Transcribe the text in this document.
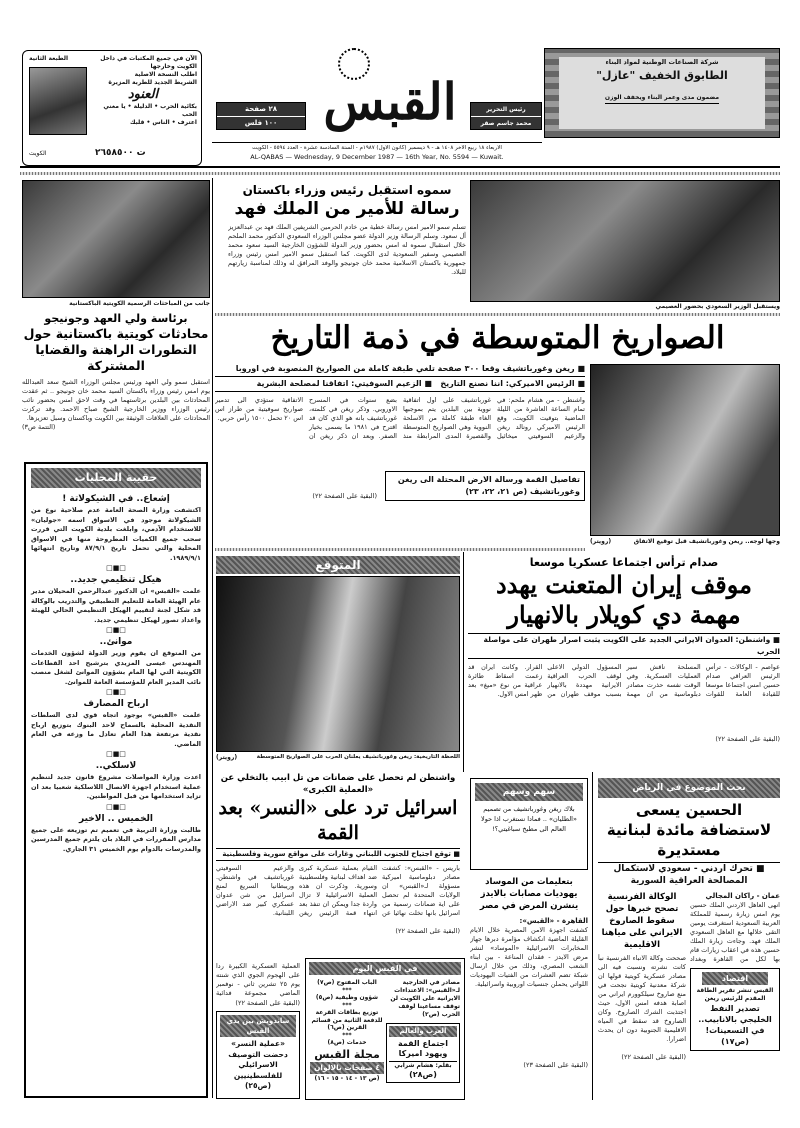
الطبعة الثانية	الآن في جميع المكتبات في داخل الكويت وخارجها
اطلب النسخة الاصلية
الشريط الجديد للطربة المزيرة
العنود
بكائية الحرب • الدليلة • يا مغني الحب
اعترف • الناس • قلبك
ت ٢٦٥٨٥٠٠
الكويت
٢٨ صفحة
١٠٠ فلس القبس	رئيس التحرير
محمد جاسم صقر
شركة الصناعات الوطنية لمواد البناء
الطابوق الخفيف "عازل"
مضمون مدى وعمر البناء ويخفف الوزن
الاربعاء ١٨ ربيع الاخر ١٤٠٨ هـ - ٩ ديسمبر (كانون الاول) ١٩٨٧م - السنة السادسة عشرة - العدد ٥٥٩٤ - الكويت
AL-QABAS — Wednesday, 9 December 1987 — 16th Year, No. 5594 — Kuwait.
جانب من المباحثات الرسمية الكويتية الباكستانية
سموه استقبل رئيس وزراء باكستان
رسالة للأمير من الملك فهد
تسلم سمو الامير امس رسالة خطية من خادم الحرمين الشريفين الملك فهد بن عبدالعزيز آل سعود. وسلم الرسالة وزير الدولة عضو مجلس الوزراء السعودي الدكتور محمد الملحم خلال استقبال سموه له امس بحضور وزير الدولة للشؤون الخارجية السيد سعود محمد العصيمي وسفير السعودية لدى الكويت. كما استقبل سمو الامير امس رئيس وزراء جمهورية باكستان الاسلامية محمد خان جونيجو والوفد المرافق له وذلك لمناسبة زيارتهم للبلاد.
ويستقبل الوزير السعودي بحضور العصيمي
برئاسة ولي العهد وجونيجو
محادثات كويتية باكستانية حول التطورات الراهنة والقضايا المشتركة
استقبل سمو ولي العهد ورئيس مجلس الوزراء الشيخ سعد العبدالله يوم امس رئيس وزراء باكستان السيد محمد خان جونيجو .. ثم عقدت المحادثات بين البلدين برئاستهما في وقت لاحق امس بحضور نائب رئيس الوزراء ووزير الخارجية الشيخ صباح الاحمد. وقد تركزت المحادثات على العلاقات الوثيقة بين الكويت وباكستان وسبل تعزيزها.
(التتمة ص٣)
حقيبة المحليات
إشعاع.. في الشيكولاتة !
اكتشفت وزارة الصحة العامة عدم صلاحية نوع من الشيكولاتة موجود في الاسواق اسمه «جوليان» للاستخدام الآدمي، وابلغت بلدية الكويت التي قررت سحب جميع الكميات المطروحة منها في الاسواق المحلية والتي تحمل تاريخ ٨٧/٩/١ وتاريخ انتهائها ١٩٨٩/٩/١.
□■□
هيكل تنظيمي جديد..
علمت «القبس» ان الدكتور عبدالرحمن المحيلان مدير عام الهيئة العامة للتعليم التطبيقي والتدريب بالوكالة قد شكل لجنة لتقييم الهيكل التنظيمي الحالي للهيئة واعداد تصور لهيكل تنظيمي جديد.
□■□
موانئ..
من المتوقع ان يقوم وزير الدولة لشؤون الخدمات المهندس عيسى المزيدي بترشيح احد القطاعات الكويتية التي لها المام بشؤون الموانئ لشغل منصب نائب المدير العام للمؤسسة العامة للموانئ.
□■□
ارباح المصارف
علمت «القبس» بوجود اتجاه قوي لدى السلطات النقدية المحلية بالسماح لاحد البنوك بتوزيع ارباح نقدية مرتفعة هذا العام تعادل ما وزعه في العام الماضي.
□■□
لاسلكي..
اعدت وزارة المواصلات مشروع قانون جديد لتنظيم عملية استخدام اجهزة الاتصال اللاسلكية شعبيا بعد ان تزايد استخدامها من قبل المواطنين.
□■□
الخميس .. الاخير
طالبت وزارة التربية في تعميم تم توزيعه على جميع مدارس المقررات في البلاد بان يلتزم جميع المدرسين والمدرسات بالدوام يوم الخميس ٣١ الجاري.
الصواريخ المتوسطة في ذمة التاريخ
وجها لوجه.. ريغن وغورباتشيف قبل توقيع الاتفاق
(رويتر)
■ ريغن وغورباتشيف وقعا ٣٠٠ صفحة تلغي طبقة كاملة من الصواريخ المنصوبة في اوروبا
■ الرئيس الاميركي: اننا نصنع التاريخ   ■ الزعيم السوفيتي: اتفاقنا لمصلحة البشرية
واشنطن - من هشام ملحم: في تمام الساعة العاشرة من الليلة الماضية بتوقيت الكويت، وقع الرئيس الاميركي رونالد ريغن والزعيم السوفيتي ميخائيل غورباتشيف على اول اتفاقية نووية بين البلدين يتم بموجبها الغاء طبقة كاملة من الاسلحة النووية وهي الصواريخ المتوسطة والقصيرة المدى المرابطة منذ بضع سنوات في المسرح الاوروبي. وذكر ريغن في كلمته، غورباتشيف بانه هو الذي كان قد اقترح في ١٩٨١ ما يسمى بخيار الصفر. وبعد ان ذكر ريغن ان الاتفاقية ستؤدي الى تدمير صواريخ سوفيتية من طراز اس اس ٢٠ تحمل ١٥٠٠ رأس حربي.
تفاصيل القمة ورسالة الارض المحتلة الى ريغن وغورباتشيف (ص ٢١، ٢٢، ٢٣)
(البقية على الصفحة ٢٢)
المتوقع
اللحظة التاريخية: ريغن وغورباتشيف يعلنان الحرب على الصواريخ المتوسطة
(رويتر)
صدام ترأس اجتماعا عسكريا موسعا
موقف إيران المتعنت يهدد مهمة دي كويلار بالانهيار
■ واشنطن: العدوان الايراني الجديد على الكويت يثبت اصرار طهران على مواصلة الحرب
عواصم - الوكالات - ترأس الرئيس العراقي صدام حسين امس اجتماعا موسعا للقيادة العامة للقوات المسلحة ناقش سير العمليات العسكرية. وفي الوقت نفسه حذرت مصادر دبلوماسية من ان مهمة المسؤول الدولي الاعلى لوقف الحرب العراقية الايرانية مهددة بالانهيار بسبب موقف طهران من القرار. وكانت ايران قد زعمت اسقاط طائرة عراقية من نوع «ميغ» بعد ظهر امس الاول.
(البقية على الصفحة ٢٢)
واشنطن لم تحصل على ضمانات من تل ابيب بالتخلي عن «العملية الكبرى»
اسرائيل ترد على «النسر» بعد القمة
■ توقع اجتياح للجنوب اللبناني وغارات على مواقع سورية وفلسطينية
باريس - «القبس»: كشفت مصادر دبلوماسية اميركية مسؤولة لـ«القبس» ان الولايات المتحدة لم تحصل على اية ضمانات رسمية من اسرائيل بانها تخلت نهائيا عن القيام بعملية عسكرية كبرى ضد اهداف لبنانية وفلسطينية وسورية. وذكرت ان هذه العملية الاسرائيلية لا تزال واردة جدا ويمكن ان تنفذ بعد انتهاء قمة الرئيس ريغن والزعيم السوفيتي غورباتشيف في واشنطن. وريبطانيا السريع لمنع اسرائيل من شن عدوان عسكري كبير ضد الاراضي اللبنانية.
(البقية على الصفحة ٢٢)
سهم وسهم
بلاك ريغن وغورباتشيف من تصميم «الطليان» .. فمادا نستغرب اذا حولا العالم الى مطبخ سباغيتي؟!
بتعليمات من الموساد يهوديات مصابات بالايدز ينشرن المرض في مصر
القاهرة - «القبس»:
كشفت اجهزة الامن المصرية خلال الايام القليلة الماضية انكشاف مؤامرة دبرها جهاز المخابرات الاسرائيلية «الموساد» لنشر مرض الايدز - فقدان المناعة - بين ابناء الشعب المصري، وذلك من خلال ارسال شبكة تضم العشرات من الفتيات اليهوديات اللواتي يحملن جنسيات اوروبية واسرائيلية.
(البقية على الصفحة ٢٣)
بحث الموضوع في الرياض
الحسين يسعى لاستضافة مائدة لبنانية مستديرة
■ تحرك اردني - سعودي لاستكمال المصالحة العراقية السورية
عمان - راكان المجالي
انهى العاهل الاردني الملك حسين يوم امس زيارة رسمية للمملكة العربية السعودية استغرقت يومين التقى خلالها مع العاهل السعودي الملك فهد. وجاءت زيارة الملك حسين هذه في اعقاب زيارات قام بها لكل من القاهرة وبغداد
اقتصاد
القبس تنشر تقرير الطاقة المقدم للرئيس ريغن
تصدير النفط الخليجي بالانابيب.. في التسعينات!
(ص١٧)
الوكالة الفرنسية تصحح خبرها حول سقوط الصاروخ الايراني على مياهنا الاقليمية
صححت وكالة الانباء الفرنسية نبأ كانت نشرته ونسبت فيه الى مصادر عسكرية كويتية قولها ان شركة معدنية كويتية نجحت في منع صاروخ سيلكوورم ايراني من اصابة هدفه امس الاول، حيث اجتذبت الشرك الصاروخ. وكان الصاروخ قد سقط في المياه الاقليمية الجنوبية دون ان يحدث اضرارا.
(البقية على الصفحة ٢٢)
العملية العسكرية الكبيرة ردا على الهجوم الجوي الذي شنته يوم ٢٥ تشرين ثاني - نوفمبر الماضي مجموعة فدائية
(البقية على الصفحة ٢٢)
ساندويش بين يدي القبس
«عملية النسر» دحضت التوصيف الاسرائيلي للفلسطينيين
(ص٢٥)
في القبس اليوم
مصادر في الخارجية لـ«القبس»: الاعتداءات الايرانية على الكويت لن توقف مساعينا لوقف الحرب (ص٢)
العرب والعالم
اجتماع القمة ويهود اميركا
بقلم: هشام شرابي
(ص٢٨)
الباب المفتوح (ص٧)
***
شؤون وظيفية (ص٥)
***
توزيع بطاقات القرعة للدفعة الثانية من قسائم القرين (ص٦)
***
خدمات (ص٨)
مجلة القبس
٤ صفحات بالالوان
(ص ١٣ - ١٤ - ١٥ - ١٦)
